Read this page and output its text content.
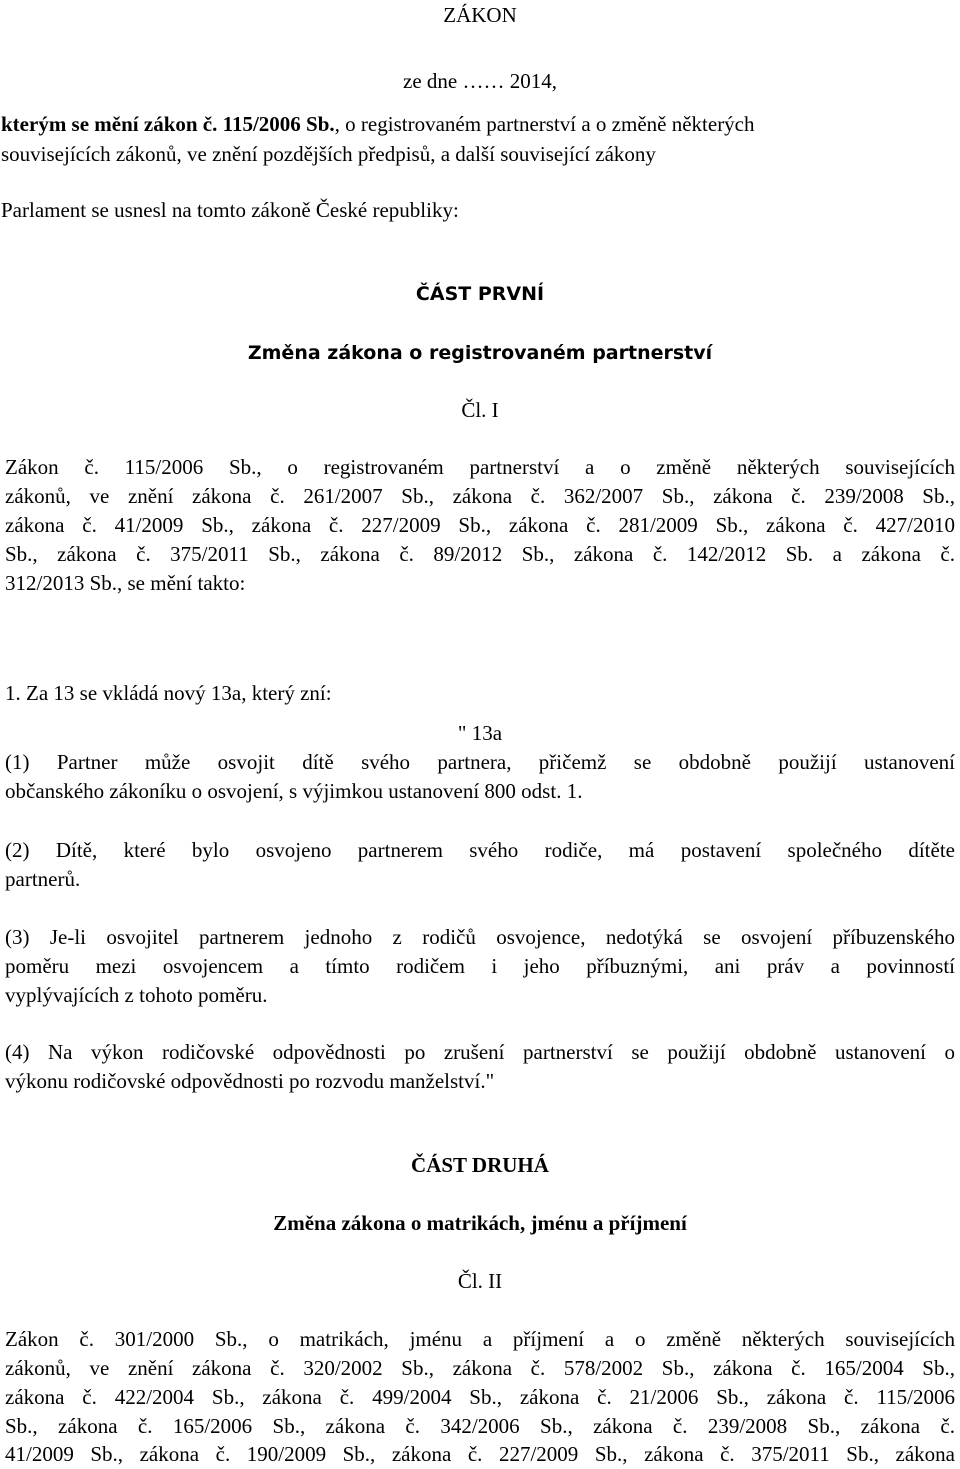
ZÁKON
ze dne …… 2014,
kterým se mění zákon č. 115/2006 Sb., o registrovaném partnerství a o změně některých
souvisejících zákonů, ve znění pozdějších předpisů, a další související zákony
Parlament se usnesl na tomto zákoně České republiky:
ČÁST PRVNÍ
Změna zákona o registrovaném partnerství
Čl. I
Zákon č. 115/2006 Sb., o registrovaném partnerství a o změně některých souvisejících
zákonů, ve znění zákona č. 261/2007 Sb., zákona č. 362/2007 Sb., zákona č. 239/2008 Sb.,
zákona č. 41/2009 Sb., zákona č. 227/2009 Sb., zákona č. 281/2009 Sb., zákona č. 427/2010
Sb., zákona č. 375/2011 Sb., zákona č. 89/2012 Sb., zákona č. 142/2012 Sb. a zákona č.
312/2013 Sb., se mění takto:
1. Za 13 se vkládá nový 13a, který zní:
" 13a
(1) Partner může osvojit dítě svého partnera, přičemž se obdobně použijí ustanovení
občanského zákoníku o osvojení, s výjimkou ustanovení 800 odst. 1.
(2) Dítě, které bylo osvojeno partnerem svého rodiče, má postavení společného dítěte
partnerů.
(3) Je-li osvojitel partnerem jednoho z rodičů osvojence, nedotýká se osvojení příbuzenského
poměru mezi osvojencem a tímto rodičem i jeho příbuznými, ani práv a povinností
vyplývajících z tohoto poměru.
(4) Na výkon rodičovské odpovědnosti po zrušení partnerství se použijí obdobně ustanovení o
výkonu rodičovské odpovědnosti po rozvodu manželství."
ČÁST DRUHÁ
Změna zákona o matrikách, jménu a příjmení
Čl. II
Zákon č. 301/2000 Sb., o matrikách, jménu a příjmení a o změně některých souvisejících
zákonů, ve znění zákona č. 320/2002 Sb., zákona č. 578/2002 Sb., zákona č. 165/2004 Sb.,
zákona č. 422/2004 Sb., zákona č. 499/2004 Sb., zákona č. 21/2006 Sb., zákona č. 115/2006
Sb., zákona č. 165/2006 Sb., zákona č. 342/2006 Sb., zákona č. 239/2008 Sb., zákona č.
41/2009 Sb., zákona č. 190/2009 Sb., zákona č. 227/2009 Sb., zákona č. 375/2011 Sb., zákona
